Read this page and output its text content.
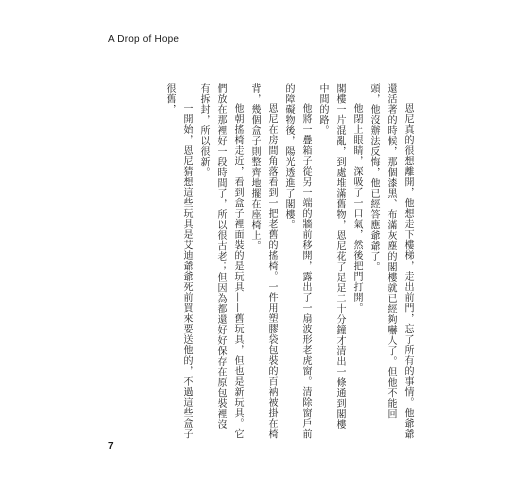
A Drop of Hope

恩尼真的很想離開，他想走下樓梯，走出前門，忘了所有的事情。他爺爺還活著的時候，那個漆黑、布滿灰塵的閣樓就已經夠嚇人了。但他不能回頭，他沒辦法反悔，他已經答應爺爺了。

他閉上眼睛，深吸了一口氣，然後把門打開。

閣樓一片混亂，到處堆滿舊物，恩尼花了足足二十分鐘才清出一條通到閣樓中間的路。

他將一疊箱子從另一端的牆前移開，露出了一扇波形老虎窗。清除窗戶前的障礙物後，陽光透進了閣樓。

恩尼在房間角落看到一把老舊的搖椅。一件用塑膠袋包裝的百衲被掛在椅背，幾個盒子則整齊地擺在座椅上。

他朝搖椅走近，看到盒子裡面裝的是玩具——舊玩具，但也是新玩具。它們放在那裡好一段時間了，所以很古老；但因為都還好好保存在原包裝裡沒有拆封，所以很新。

一開始，恩尼猜想這些玩具是艾迪爺爺死前買來要送他的，不過這些盒子很舊，

7
